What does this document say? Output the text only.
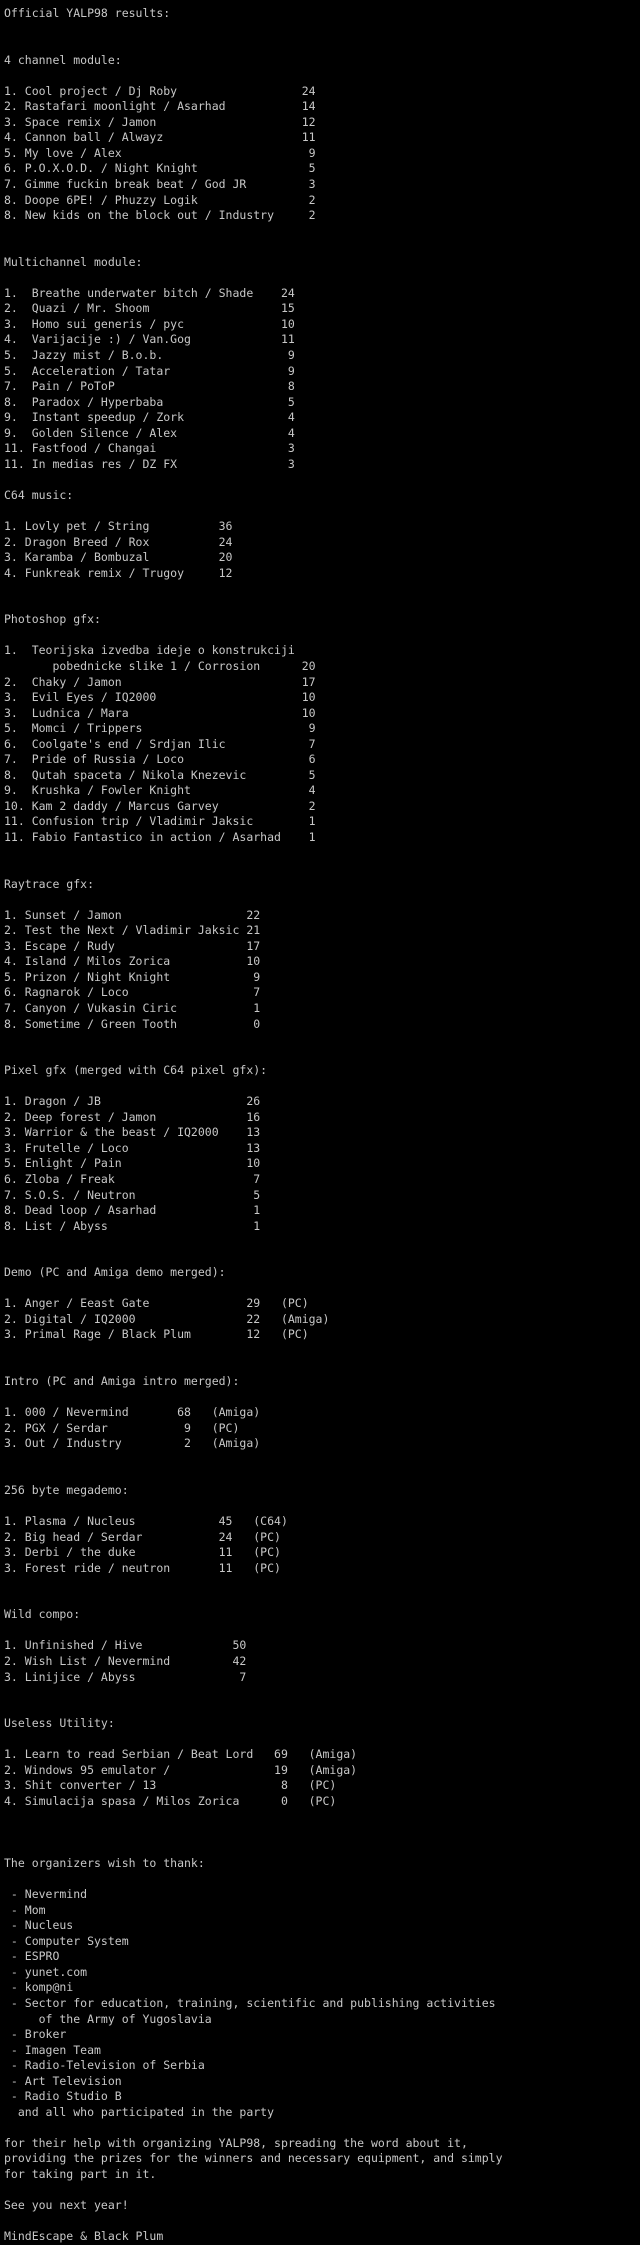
Official YALP98 results:

4 channel module:

1. Cool project / Dj Roby                  24
2. Rastafari moonlight / Asarhad           14
3. Space remix / Jamon                     12
4. Cannon ball / Alwayz                    11
5. My love / Alex                           9
6. P.O.X.O.D. / Night Knight                5
7. Gimme fuckin break beat / God JR         3
8. Doope 6PE! / Phuzzy Logik                2
8. New kids on the block out / Industry     2

Multichannel module:

1.  Breathe underwater bitch / Shade    24
2.  Quazi / Mr. Shoom                   15
3.  Homo sui generis / pyc              10
4.  Varijacije :) / Van.Gog             11
5.  Jazzy mist / B.o.b.                  9
5.  Acceleration / Tatar                 9
7.  Pain / PoToP                         8
8.  Paradox / Hyperbaba                  5
9.  Instant speedup / Zork               4
9.  Golden Silence / Alex                4
11. Fastfood / Changai                   3
11. In medias res / DZ FX                3

C64 music:

1. Lovly pet / String          36
2. Dragon Breed / Rox          24
3. Karamba / Bombuzal          20
4. Funkreak remix / Trugoy     12

Photoshop gfx:

1.  Teorijska izvedba ideje o konstrukciji
pobednicke slike 1 / Corrosion      20
2.  Chaky / Jamon                          17
3.  Evil Eyes / IQ2000                     10
3.  Ludnica / Mara                         10
5.  Momci / Trippers                        9
6.  Coolgate's end / Srdjan Ilic            7
7.  Pride of Russia / Loco                  6
8.  Qutah spaceta / Nikola Knezevic         5
9.  Krushka / Fowler Knight                 4
10. Kam 2 daddy / Marcus Garvey             2
11. Confusion trip / Vladimir Jaksic        1
11. Fabio Fantastico in action / Asarhad    1

Raytrace gfx:

1. Sunset / Jamon                  22
2. Test the Next / Vladimir Jaksic 21
3. Escape / Rudy                   17
4. Island / Milos Zorica           10
5. Prizon / Night Knight            9
6. Ragnarok / Loco                  7
7. Canyon / Vukasin Ciric           1
8. Sometime / Green Tooth           0

Pixel gfx (merged with C64 pixel gfx):

1. Dragon / JB                     26
2. Deep forest / Jamon             16
3. Warrior & the beast / IQ2000    13
3. Frutelle / Loco                 13
5. Enlight / Pain                  10
6. Zloba / Freak                    7
7. S.O.S. / Neutron                 5
8. Dead loop / Asarhad              1
8. List / Abyss                     1

Demo (PC and Amiga demo merged):

1. Anger / Eeast Gate              29   (PC)
2. Digital / IQ2000                22   (Amiga)
3. Primal Rage / Black Plum        12   (PC)

Intro (PC and Amiga intro merged):

1. 000 / Nevermind       68   (Amiga)
2. PGX / Serdar           9   (PC)
3. Out / Industry         2   (Amiga)

256 byte megademo:

1. Plasma / Nucleus            45   (C64)
2. Big head / Serdar           24   (PC)
3. Derbi / the duke            11   (PC)
3. Forest ride / neutron       11   (PC)

Wild compo:

1. Unfinished / Hive             50
2. Wish List / Nevermind         42
3. Linijice / Abyss               7

Useless Utility:

1. Learn to read Serbian / Beat Lord   69   (Amiga)
2. Windows 95 emulator /               19   (Amiga)
3. Shit converter / 13                  8   (PC)
4. Simulacija spasa / Milos Zorica      0   (PC)

The organizers wish to thank:

- Nevermind
- Mom
- Nucleus
- Computer System
- ESPRO
- yunet.com
- komp@ni
- Sector for education, training, scientific and publishing activities
of the Army of Yugoslavia
- Broker
- Imagen Team
- Radio-Television of Serbia
- Art Television
- Radio Studio B
and all who participated in the party

for their help with organizing YALP98, spreading the word about it,
providing the prizes for the winners and necessary equipment, and simply
for taking part in it.

See you next year!

MindEscape & Black Plum
